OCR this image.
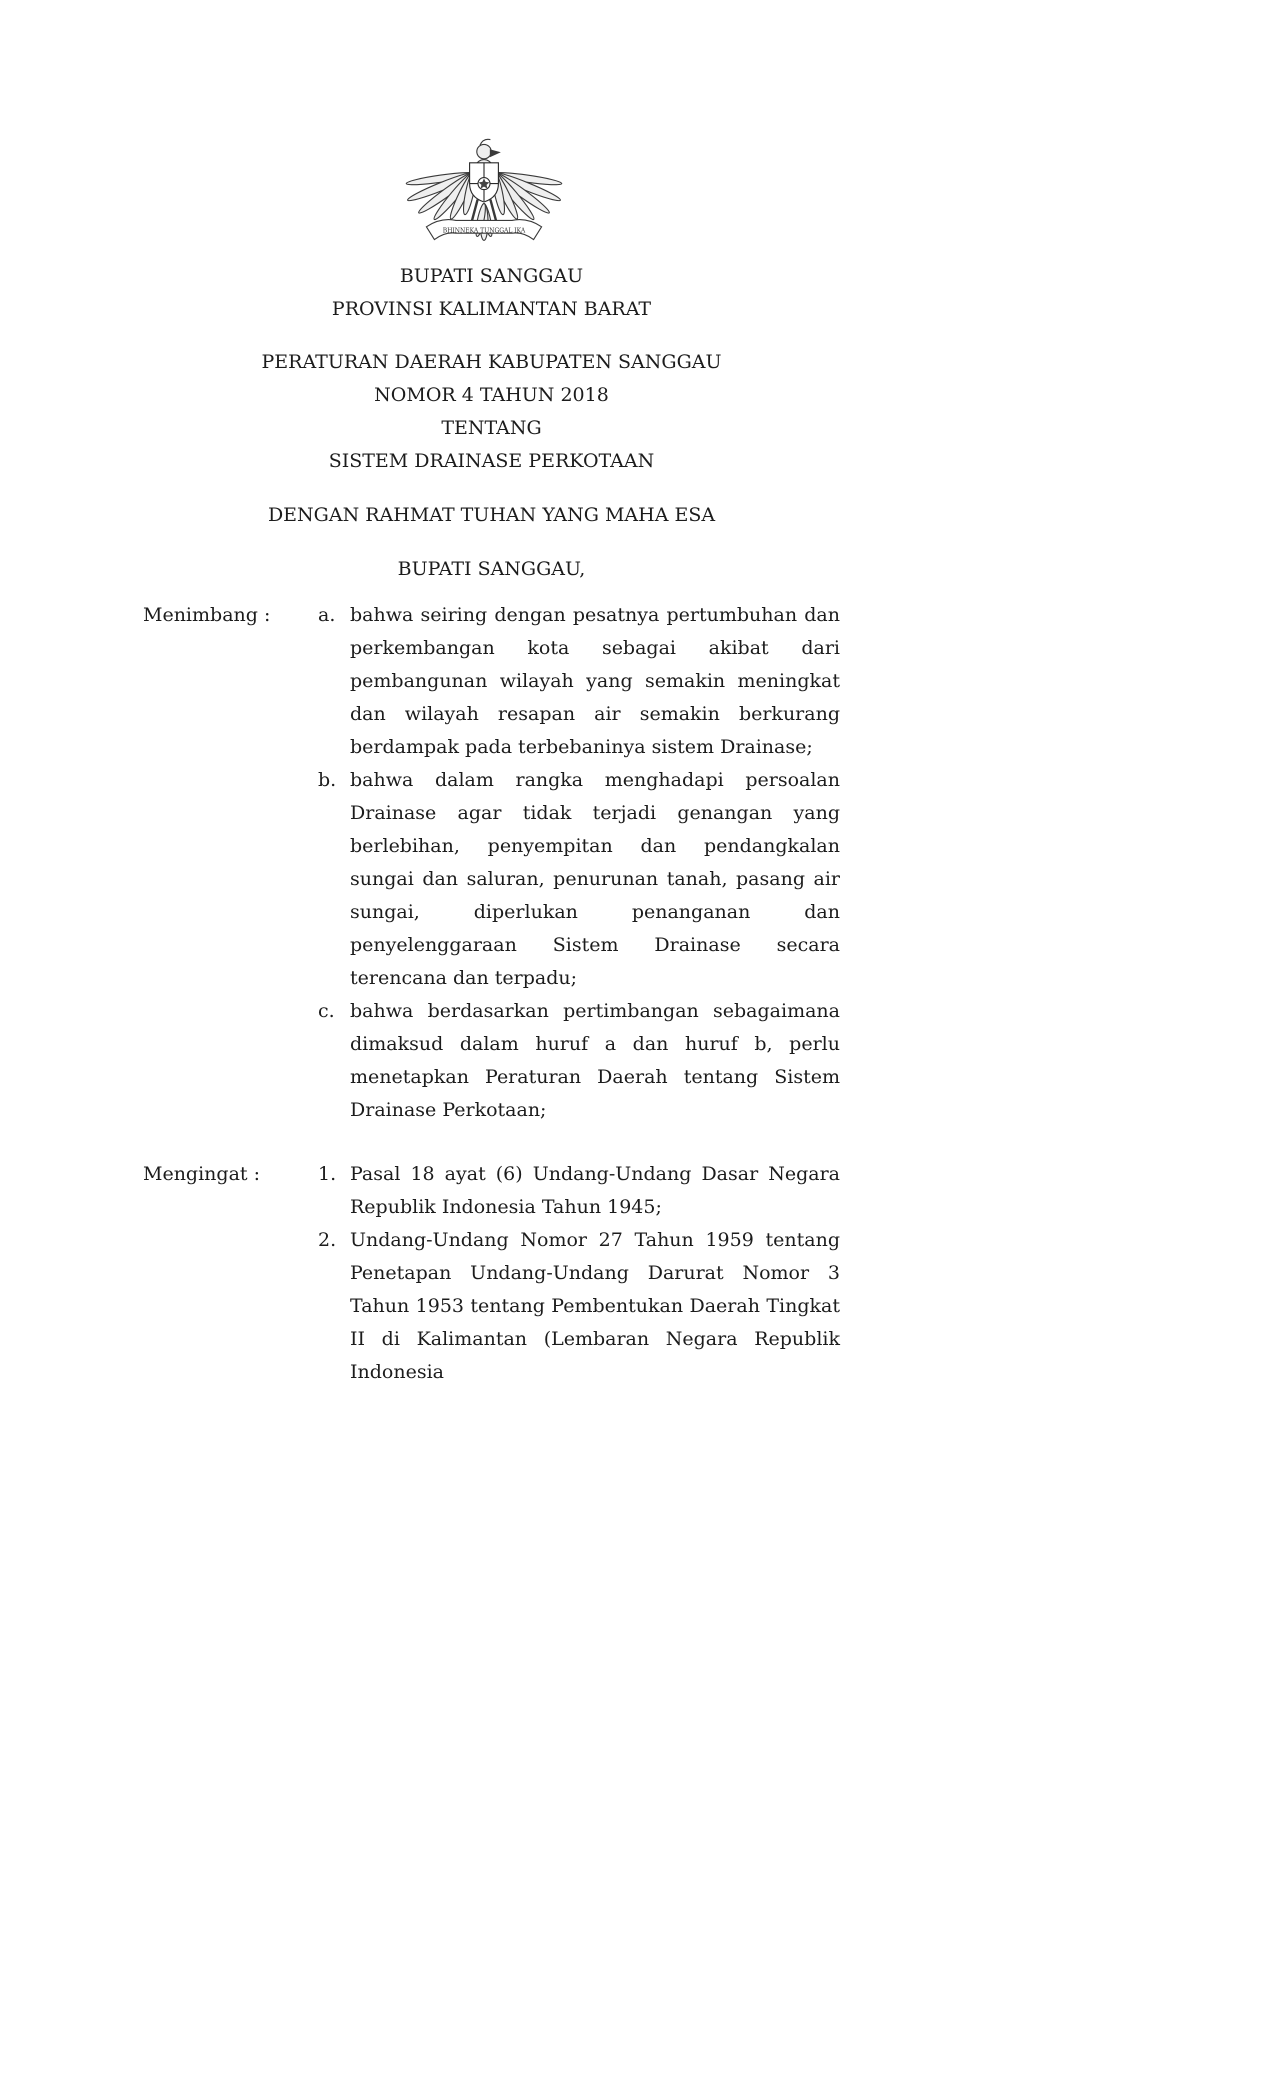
BHINNEKA TUNGGAL IKA
BUPATI SANGGAU
PROVINSI KALIMANTAN BARAT
PERATURAN DAERAH KABUPATEN SANGGAU
NOMOR 4 TAHUN 2018
TENTANG
SISTEM DRAINASE PERKOTAAN
DENGAN RAHMAT TUHAN YANG MAHA ESA
BUPATI SANGGAU,
Menimbang :	a. bahwa seiring dengan pesatnya pertumbuhan dan perkembangan kota sebagai akibat dari pembangunan wilayah yang semakin meningkat dan wilayah resapan air semakin berkurang berdampak pada terbebaninya sistem Drainase;
b. bahwa dalam rangka menghadapi persoalan Drainase agar tidak terjadi genangan yang berlebihan, penyempitan dan pendangkalan sungai dan saluran, penurunan tanah, pasang air sungai, diperlukan penanganan dan penyelenggaraan Sistem Drainase secara terencana dan terpadu;
c. bahwa berdasarkan pertimbangan sebagaimana dimaksud dalam huruf a dan huruf b, perlu menetapkan Peraturan Daerah tentang Sistem Drainase Perkotaan;
Mengingat :	1. Pasal 18 ayat (6) Undang-Undang Dasar Negara Republik Indonesia Tahun 1945;
2. Undang-Undang Nomor 27 Tahun 1959 tentang Penetapan Undang-Undang Darurat Nomor 3 Tahun 1953 tentang Pembentukan Daerah Tingkat II di Kalimantan (Lembaran Negara Republik Indonesia
